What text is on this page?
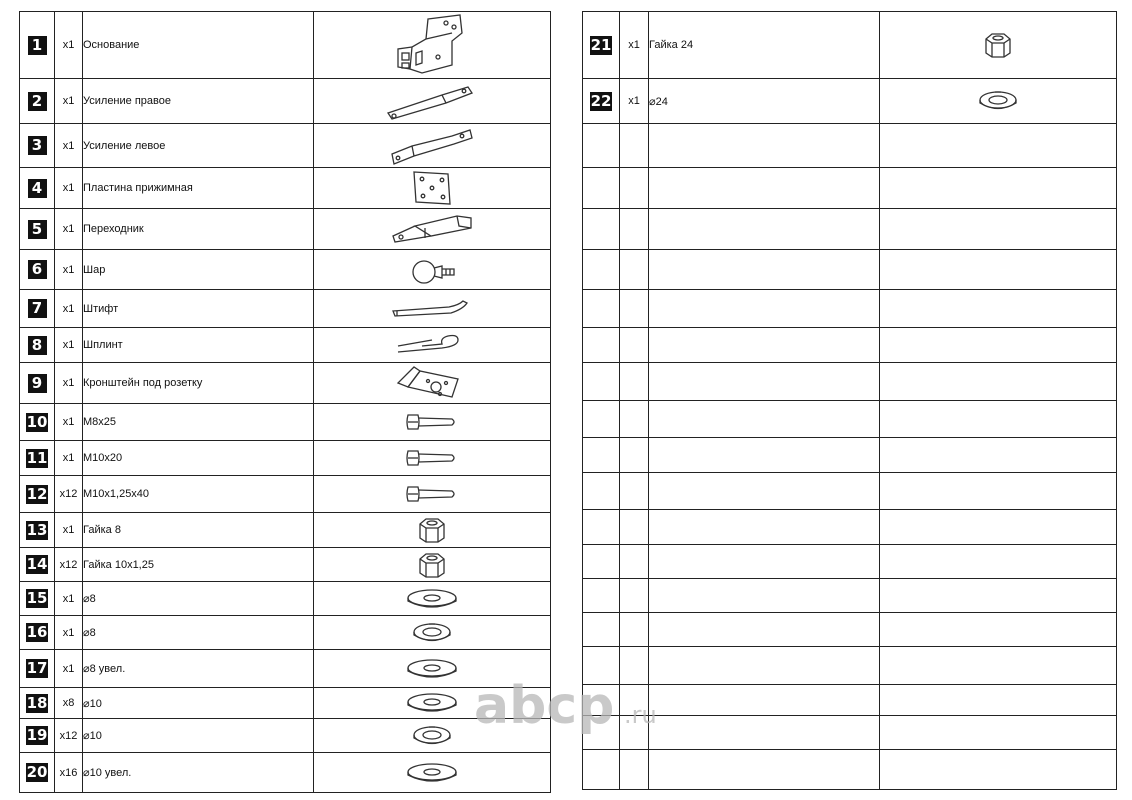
1	x1	Основание	
2	x1	Усиление правое	
3	x1	Усиление левое	
4	x1	Пластина прижимная	
5	x1	Переходник	
6	x1	Шар	
7	x1	Штифт	
8	x1	Шплинт	
9	x1	Кронштейн под розетку	
10	x1	M8x25	
11	x1	M10x20	
12	x12	M10x1,25x40	
13	x1	Гайка 8	
14	x12	Гайка 10x1,25	
15	x1	⌀8	
16	x1	⌀8	
17	x1	⌀8 увел.	
18	x8	⌀10	
19	x12	⌀10	
20	x16	⌀10 увел.	
21	x1	Гайка 24	
22	x1	⌀24	

abcp .ru
